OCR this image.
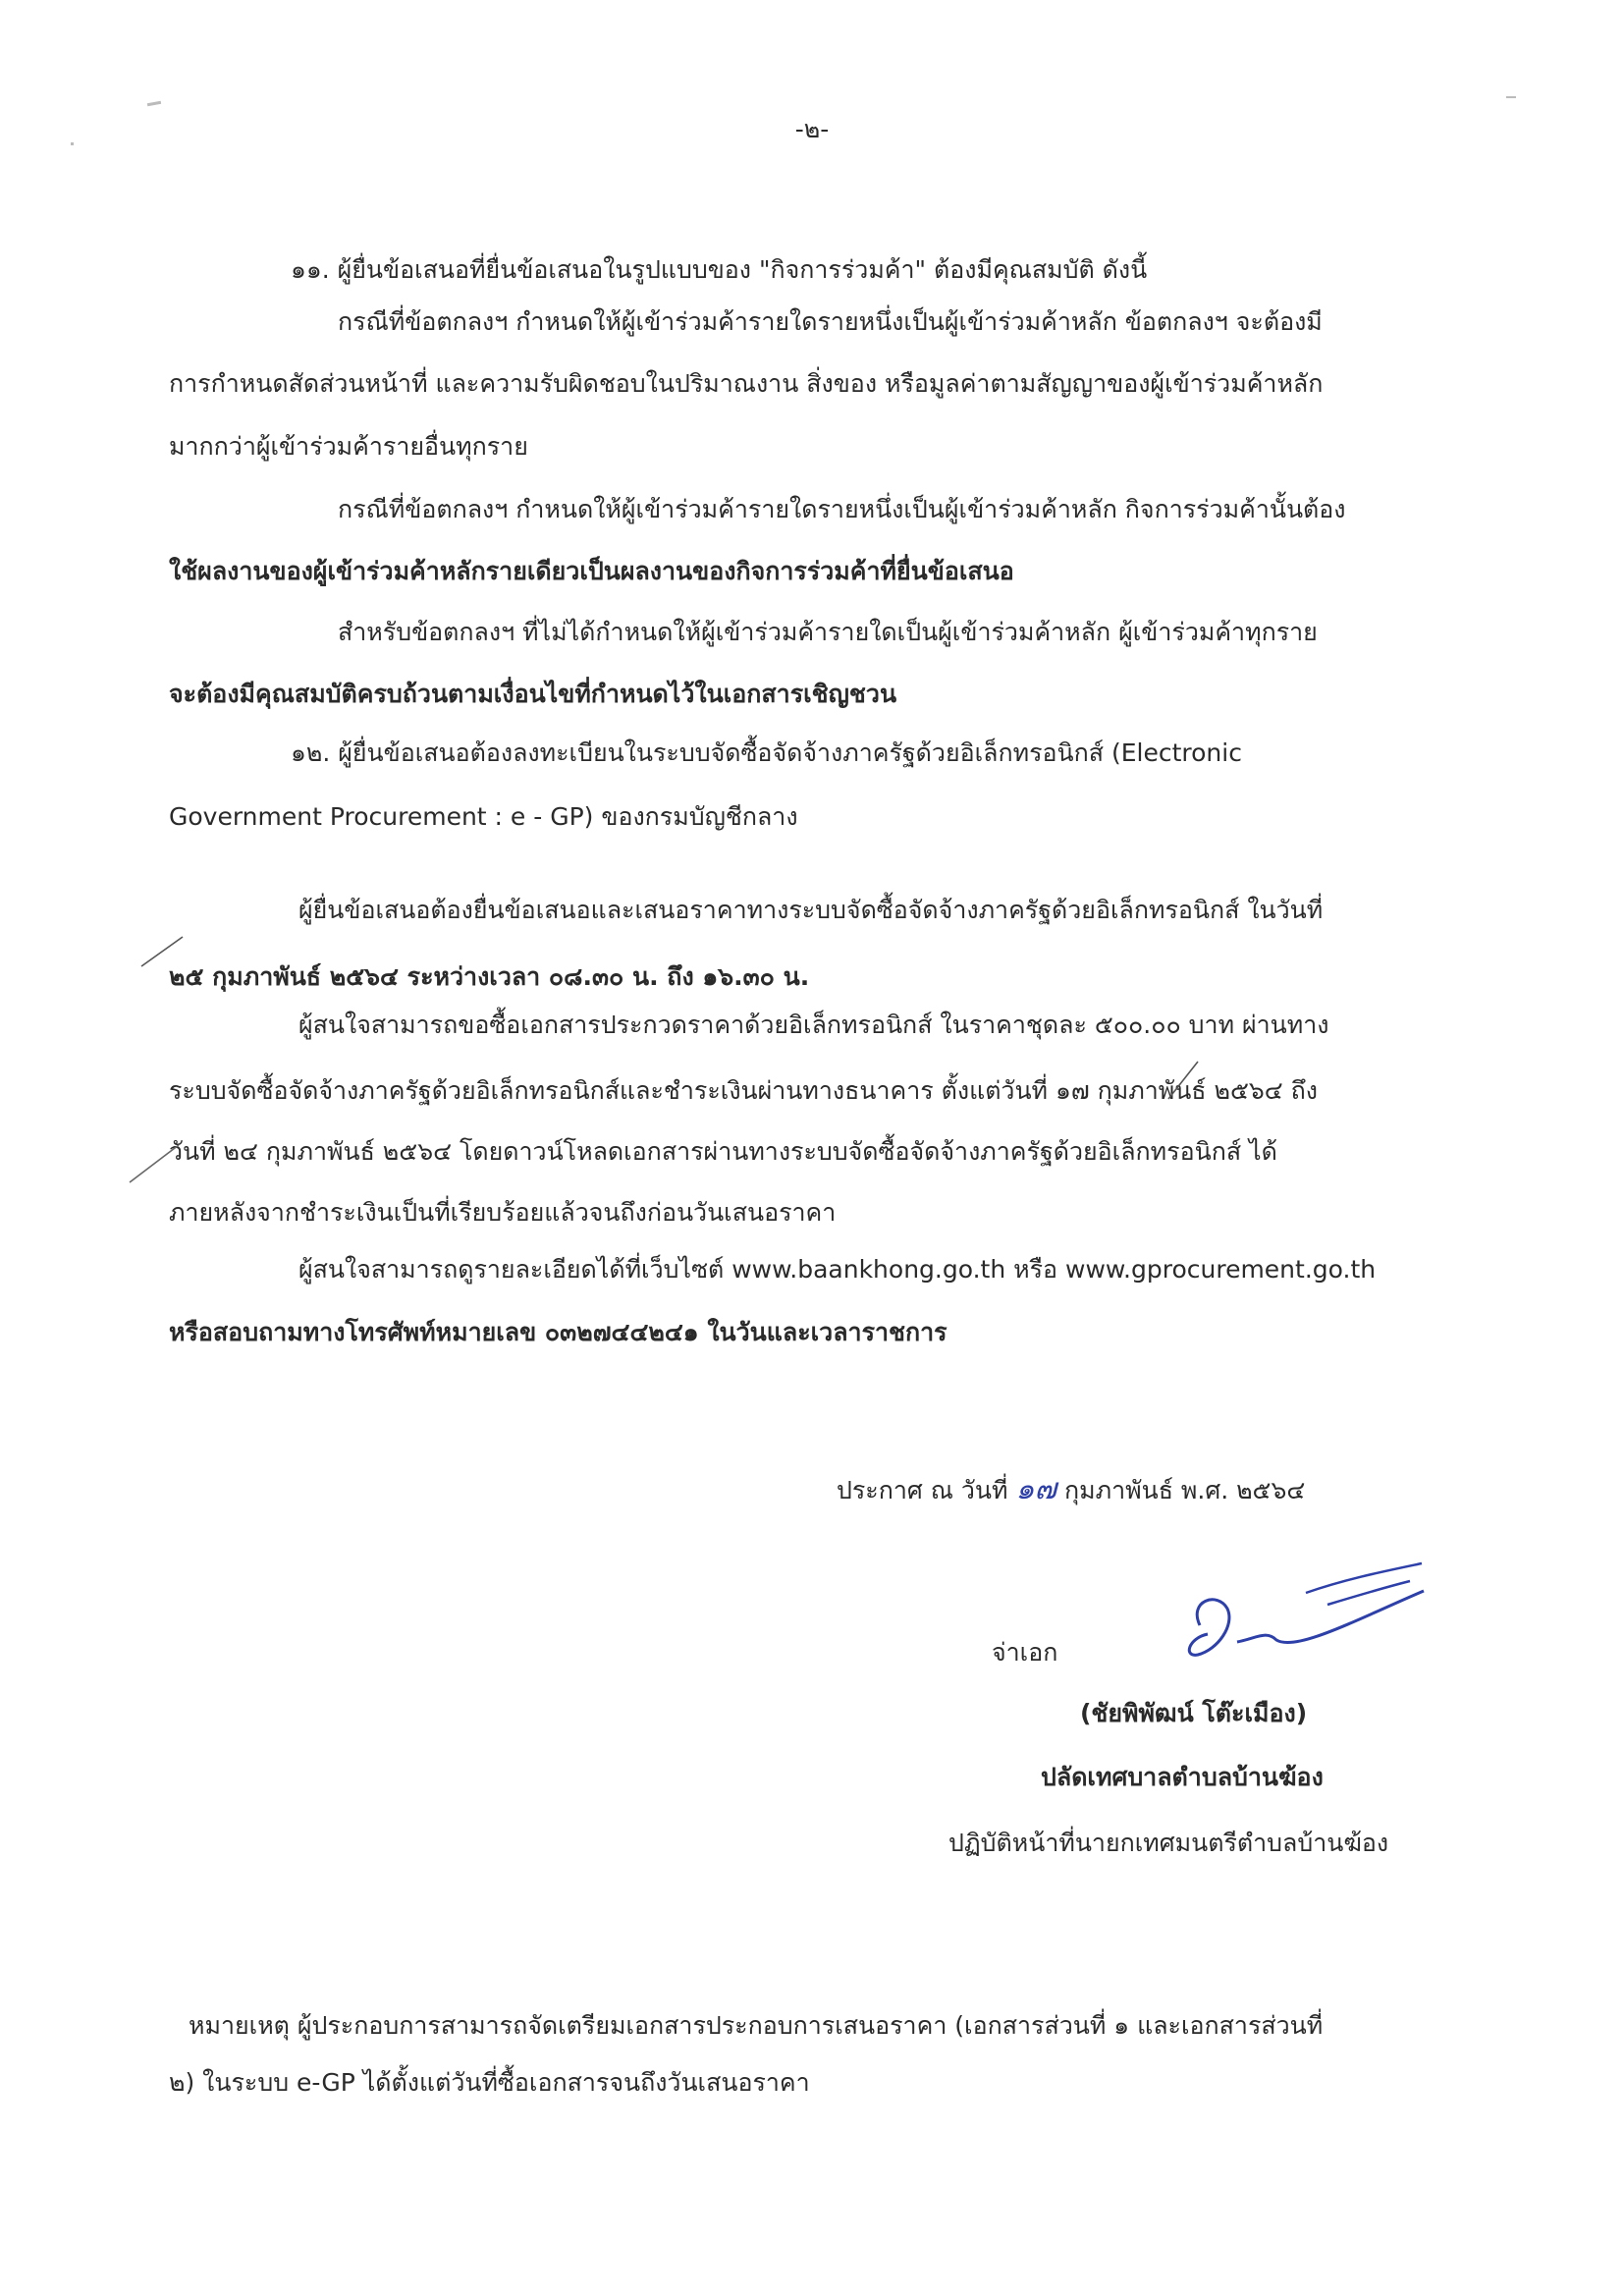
-๒-
๑๑. ผู้ยื่นข้อเสนอที่ยื่นข้อเสนอในรูปแบบของ "กิจการร่วมค้า" ต้องมีคุณสมบัติ ดังนี้
กรณีที่ข้อตกลงฯ กำหนดให้ผู้เข้าร่วมค้ารายใดรายหนึ่งเป็นผู้เข้าร่วมค้าหลัก ข้อตกลงฯ จะต้องมี
การกำหนดสัดส่วนหน้าที่ และความรับผิดชอบในปริมาณงาน สิ่งของ หรือมูลค่าตามสัญญาของผู้เข้าร่วมค้าหลัก
มากกว่าผู้เข้าร่วมค้ารายอื่นทุกราย
กรณีที่ข้อตกลงฯ กำหนดให้ผู้เข้าร่วมค้ารายใดรายหนึ่งเป็นผู้เข้าร่วมค้าหลัก กิจการร่วมค้านั้นต้อง
ใช้ผลงานของผู้เข้าร่วมค้าหลักรายเดียวเป็นผลงานของกิจการร่วมค้าที่ยื่นข้อเสนอ
สำหรับข้อตกลงฯ ที่ไม่ได้กำหนดให้ผู้เข้าร่วมค้ารายใดเป็นผู้เข้าร่วมค้าหลัก ผู้เข้าร่วมค้าทุกราย
จะต้องมีคุณสมบัติครบถ้วนตามเงื่อนไขที่กำหนดไว้ในเอกสารเชิญชวน
๑๒. ผู้ยื่นข้อเสนอต้องลงทะเบียนในระบบจัดซื้อจัดจ้างภาครัฐด้วยอิเล็กทรอนิกส์ (Electronic
Government Procurement : e - GP) ของกรมบัญชีกลาง
ผู้ยื่นข้อเสนอต้องยื่นข้อเสนอและเสนอราคาทางระบบจัดซื้อจัดจ้างภาครัฐด้วยอิเล็กทรอนิกส์ ในวันที่
๒๕ กุมภาพันธ์ ๒๕๖๔ ระหว่างเวลา ๐๘.๓๐ น. ถึง ๑๖.๓๐ น.
ผู้สนใจสามารถขอซื้อเอกสารประกวดราคาด้วยอิเล็กทรอนิกส์ ในราคาชุดละ ๕๐๐.๐๐ บาท ผ่านทาง
ระบบจัดซื้อจัดจ้างภาครัฐด้วยอิเล็กทรอนิกส์และชำระเงินผ่านทางธนาคาร ตั้งแต่วันที่ ๑๗ กุมภาพันธ์ ๒๕๖๔ ถึง
วันที่ ๒๔ กุมภาพันธ์ ๒๕๖๔ โดยดาวน์โหลดเอกสารผ่านทางระบบจัดซื้อจัดจ้างภาครัฐด้วยอิเล็กทรอนิกส์ ได้
ภายหลังจากชำระเงินเป็นที่เรียบร้อยแล้วจนถึงก่อนวันเสนอราคา
ผู้สนใจสามารถดูรายละเอียดได้ที่เว็บไซต์ www.baankhong.go.th หรือ www.gprocurement.go.th
หรือสอบถามทางโทรศัพท์หมายเลข ๐๓๒๗๔๔๒๔๑ ในวันและเวลาราชการ
ประกาศ ณ วันที่ ๑๗ กุมภาพันธ์ พ.ศ. ๒๕๖๔
จ่าเอก
(ชัยพิพัฒน์ โต๊ะเมือง)
ปลัดเทศบาลตำบลบ้านฆ้อง
ปฏิบัติหน้าที่นายกเทศมนตรีตำบลบ้านฆ้อง
หมายเหตุ ผู้ประกอบการสามารถจัดเตรียมเอกสารประกอบการเสนอราคา (เอกสารส่วนที่ ๑ และเอกสารส่วนที่
๒) ในระบบ e-GP ได้ตั้งแต่วันที่ซื้อเอกสารจนถึงวันเสนอราคา
